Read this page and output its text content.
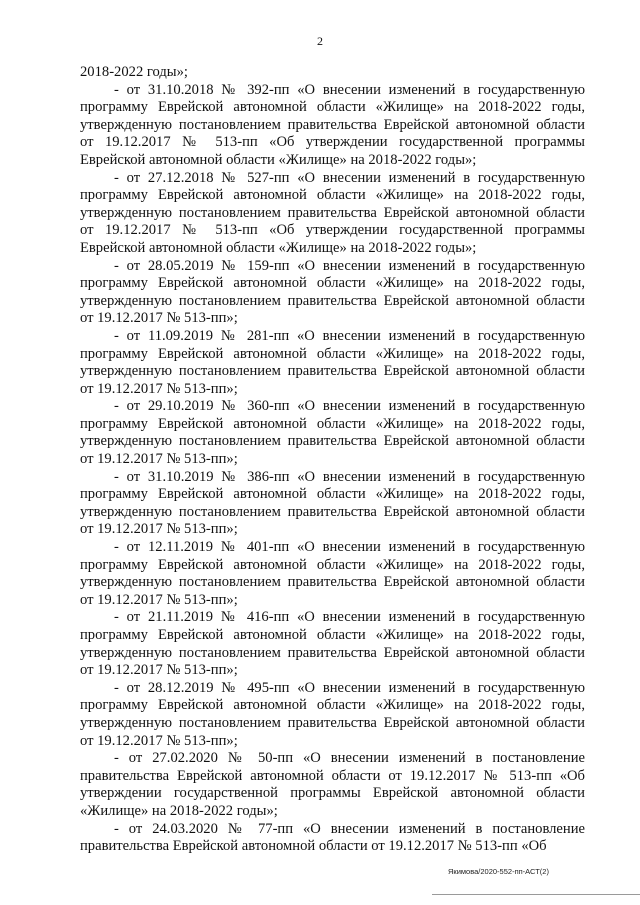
2

2018-2022 годы»;

- от 31.10.2018 № 392-пп «О внесении изменений в государственную программу Еврейской автономной области «Жилище» на 2018-2022 годы, утвержденную постановлением правительства Еврейской автономной области от 19.12.2017 № 513-пп «Об утверждении государственной программы Еврейской автономной области «Жилище» на 2018-2022 годы»;

- от 27.12.2018 № 527-пп «О внесении изменений в государственную программу Еврейской автономной области «Жилище» на 2018-2022 годы, утвержденную постановлением правительства Еврейской автономной области от 19.12.2017 № 513-пп «Об утверждении государственной программы Еврейской автономной области «Жилище» на 2018-2022 годы»;

- от 28.05.2019 № 159-пп «О внесении изменений в государственную программу Еврейской автономной области «Жилище» на 2018-2022 годы, утвержденную постановлением правительства Еврейской автономной области от 19.12.2017 № 513-пп»;

- от 11.09.2019 № 281-пп «О внесении изменений в государственную программу Еврейской автономной области «Жилище» на 2018-2022 годы, утвержденную постановлением правительства Еврейской автономной области от 19.12.2017 № 513-пп»;

- от 29.10.2019 № 360-пп «О внесении изменений в государственную программу Еврейской автономной области «Жилище» на 2018-2022 годы, утвержденную постановлением правительства Еврейской автономной области от 19.12.2017 № 513-пп»;

- от 31.10.2019 № 386-пп «О внесении изменений в государственную программу Еврейской автономной области «Жилище» на 2018-2022 годы, утвержденную постановлением правительства Еврейской автономной области от 19.12.2017 № 513-пп»;

- от 12.11.2019 № 401-пп «О внесении изменений в государственную программу Еврейской автономной области «Жилище» на 2018-2022 годы, утвержденную постановлением правительства Еврейской автономной области от 19.12.2017 № 513-пп»;

- от 21.11.2019 № 416-пп «О внесении изменений в государственную программу Еврейской автономной области «Жилище» на 2018-2022 годы, утвержденную постановлением правительства Еврейской автономной области от 19.12.2017 № 513-пп»;

- от 28.12.2019 № 495-пп «О внесении изменений в государственную программу Еврейской автономной области «Жилище» на 2018-2022 годы, утвержденную постановлением правительства Еврейской автономной области от 19.12.2017 № 513-пп»;

- от 27.02.2020 № 50-пп «О внесении изменений в постановление правительства Еврейской автономной области от 19.12.2017 № 513-пп «Об утверждении государственной программы Еврейской автономной области «Жилище» на 2018-2022 годы»;

- от 24.03.2020 № 77-пп «О внесении изменений в постановление правительства Еврейской автономной области от 19.12.2017 № 513-пп «Об

Якимова/2020-552-пп-АСТ(2)
